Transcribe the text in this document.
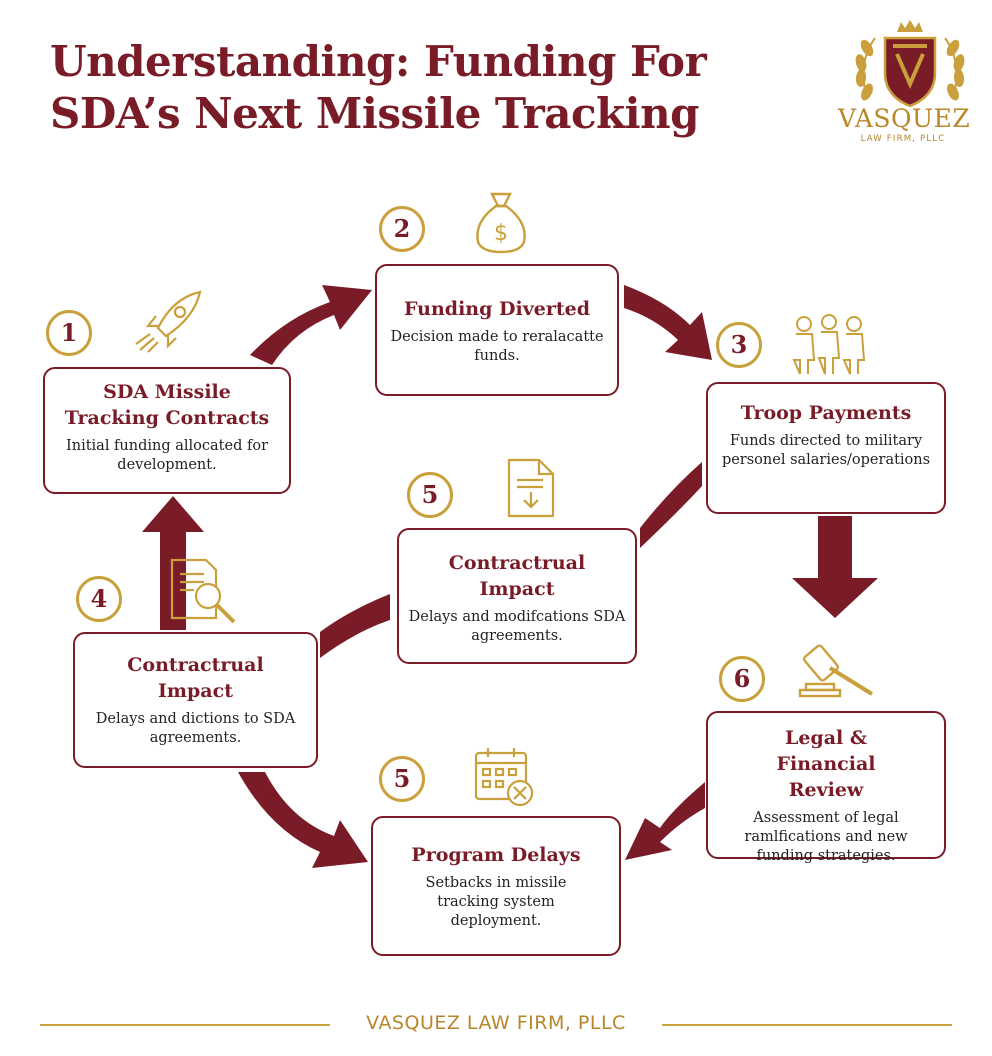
Understanding: Funding For
SDA’s Next Missile Tracking	VASQUEZ
LAW FIRM, PLLC
1
SDA Missile Tracking Contracts
Initial funding allocated for development.
2	$
Funding Diverted
Decision made to reralacatte funds.	3
Troop Payments
Funds directed to military personel salaries/operations
5
Contractrual Impact
Delays and modifcations SDA agreements.
4
Contractrual Impact
Delays and dictions to SDA agreements.
6
Legal & Financial Review
Assessment of legal ramlfications and new funding strategies.
5
Program Delays
Setbacks in missile tracking system deployment.
VASQUEZ LAW FIRM, PLLC
